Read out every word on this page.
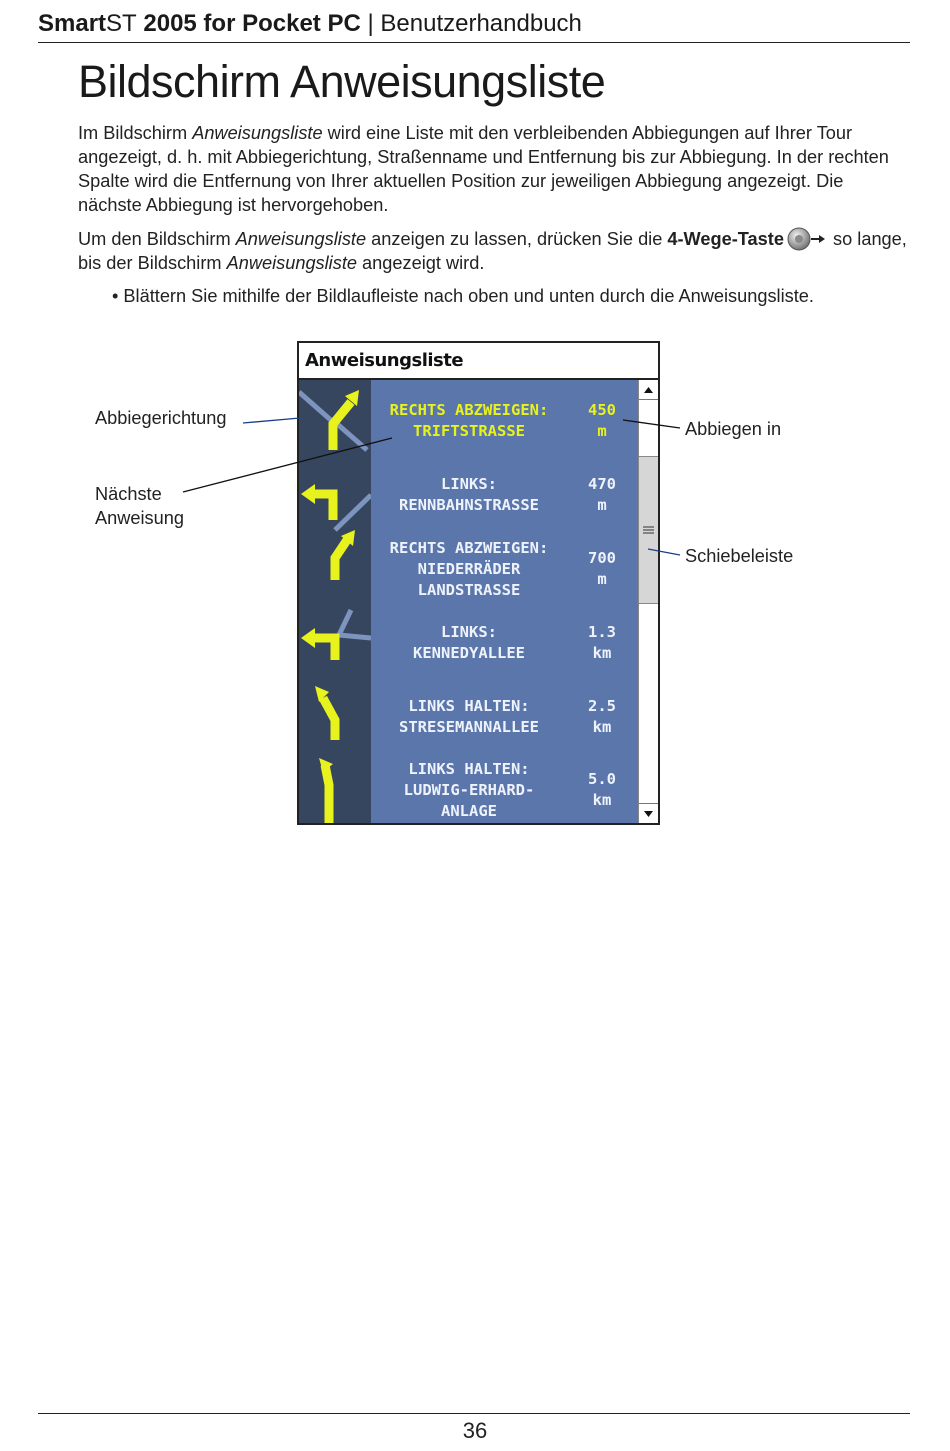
SmartST 2005 for Pocket PC | Benutzerhandbuch
Bildschirm Anweisungsliste

Im Bildschirm Anweisungsliste wird eine Liste mit den verbleibenden Abbiegungen auf Ihrer Tour angezeigt, d. h. mit Abbiegerichtung, Straßenname und Entfernung bis zur Abbiegung. In der rechten Spalte wird die Entfernung von Ihrer aktuellen Position zur jeweiligen Abbiegung angezeigt. Die nächste Abbiegung ist hervorgehoben.

Um den Bildschirm Anweisungsliste anzeigen zu lassen, drücken Sie die 4-Wege-Taste so lange, bis der Bildschirm Anweisungsliste angezeigt wird.

• Blättern Sie mithilfe der Bildlaufleiste nach oben und unten durch die Anweisungsliste.
Abbiegerichtung
Nächste
Anweisung
Abbiegen in
Schiebeleiste
Anweisungsliste
RECHTS ABZWEIGEN:
TRIFTSTRASSE
450
m
LINKS:
RENNBAHNSTRASSE
470
m
RECHTS ABZWEIGEN:
NIEDERRÄDER
LANDSTRASSE
700
m
LINKS:
KENNEDYALLEE
1.3
km
LINKS HALTEN:
STRESEMANNALLEE
2.5
km
LINKS HALTEN:
LUDWIG-ERHARD-
ANLAGE
5.0
km
36
